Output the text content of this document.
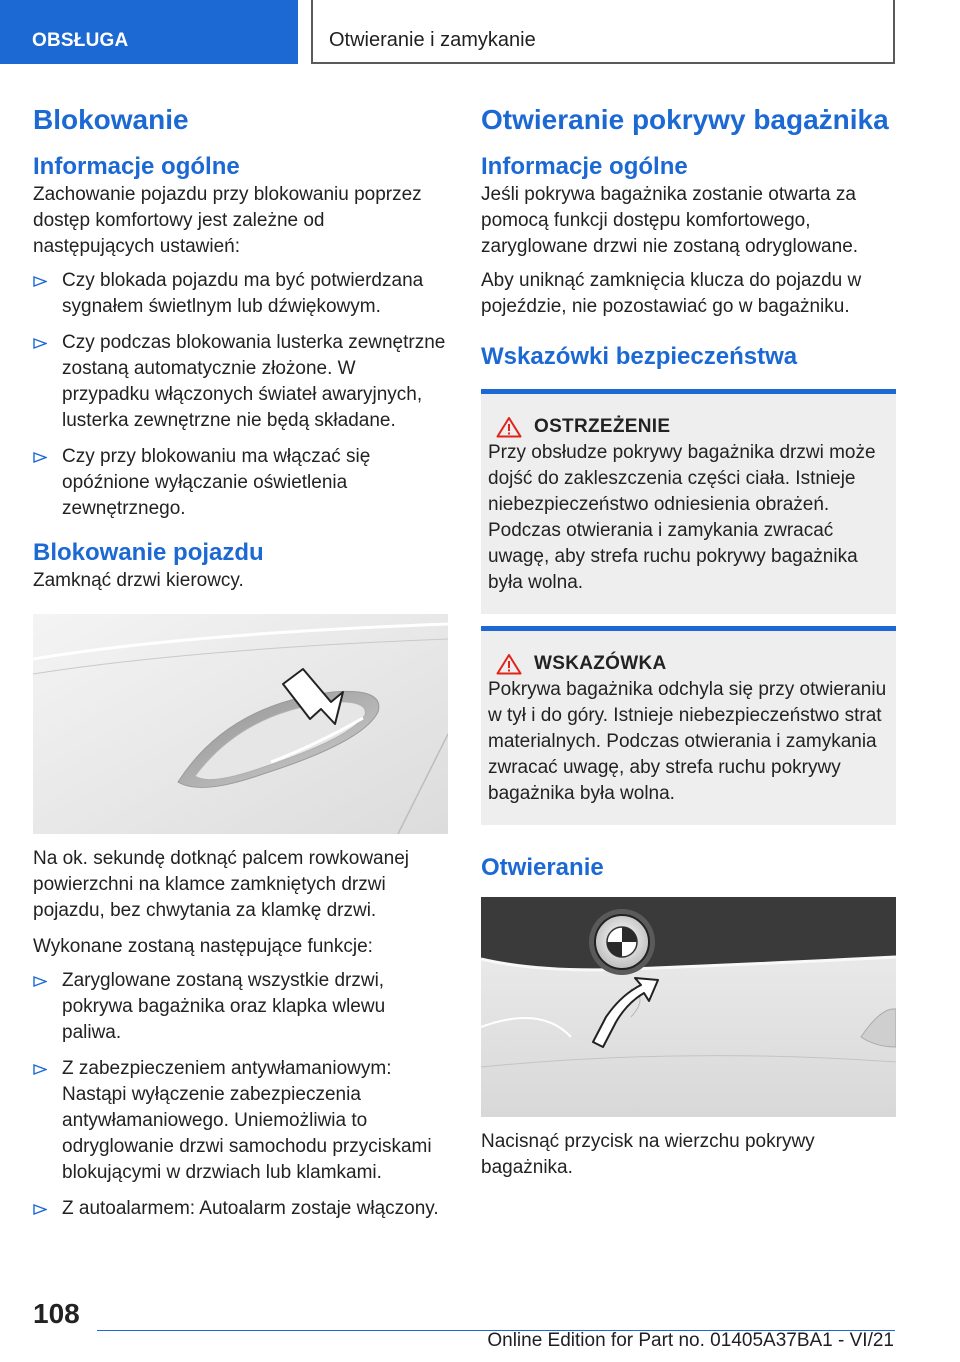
OBSŁUGA	Otwieranie i zamykanie
Blokowanie
Informacje ogólne

Zachowanie pojazdu przy blokowaniu poprzez dostęp komfortowy jest zależne od następujących ustawień:

Czy blokada pojazdu ma być potwierdzana sygnałem świetlnym lub dźwiękowym.
Czy podczas blokowania lusterka zewnętrzne zostaną automatycznie złożone. W przypadku włączonych świateł awaryjnych, lusterka zewnętrzne nie będą składane.
Czy przy blokowaniu ma włączać się opóźnione wyłączanie oświetlenia zewnętrznego.
Blokowanie pojazdu

Zamknąć drzwi kierowcy.

Na ok. sekundę dotknąć palcem rowkowanej powierzchni na klamce zamkniętych drzwi pojazdu, bez chwytania za klamkę drzwi.

Wykonane zostaną następujące funkcje:

Zaryglowane zostaną wszystkie drzwi, pokrywa bagażnika oraz klapka wlewu paliwa.
Z zabezpieczeniem antywłamaniowym: Nastąpi wyłączenie zabezpieczenia antywłamaniowego. Uniemożliwia to odryglowanie drzwi samochodu przyciskami blokującymi w drzwiach lub klamkami.
Z autoalarmem: Autoalarm zostaje włączony.
Otwieranie pokrywy bagażnika
Informacje ogólne

Jeśli pokrywa bagażnika zostanie otwarta za pomocą funkcji dostępu komfortowego, zaryglowane drzwi nie zostaną odryglowane.

Aby uniknąć zamknięcia klucza do pojazdu w pojeździe, nie pozostawiać go w bagażniku.

Wskazówki bezpieczeństwa
OSTRZEŻENIE

Przy obsłudze pokrywy bagażnika drzwi może dojść do zakleszczenia części ciała. Istnieje niebezpieczeństwo odniesienia obrażeń. Podczas otwierania i zamykania zwracać uwagę, aby strefa ruchu pokrywy bagażnika była wolna.

WSKAZÓWKA

Pokrywa bagażnika odchyla się przy otwieraniu w tył i do góry. Istnieje niebezpieczeństwo strat materialnych. Podczas otwierania i zamykania zwracać uwagę, aby strefa ruchu pokrywy bagażnika była wolna.

Otwieranie

Nacisnąć przycisk na wierzchu pokrywy bagażnika.

108
Online Edition for Part no. 01405A37BA1 - VI/21
